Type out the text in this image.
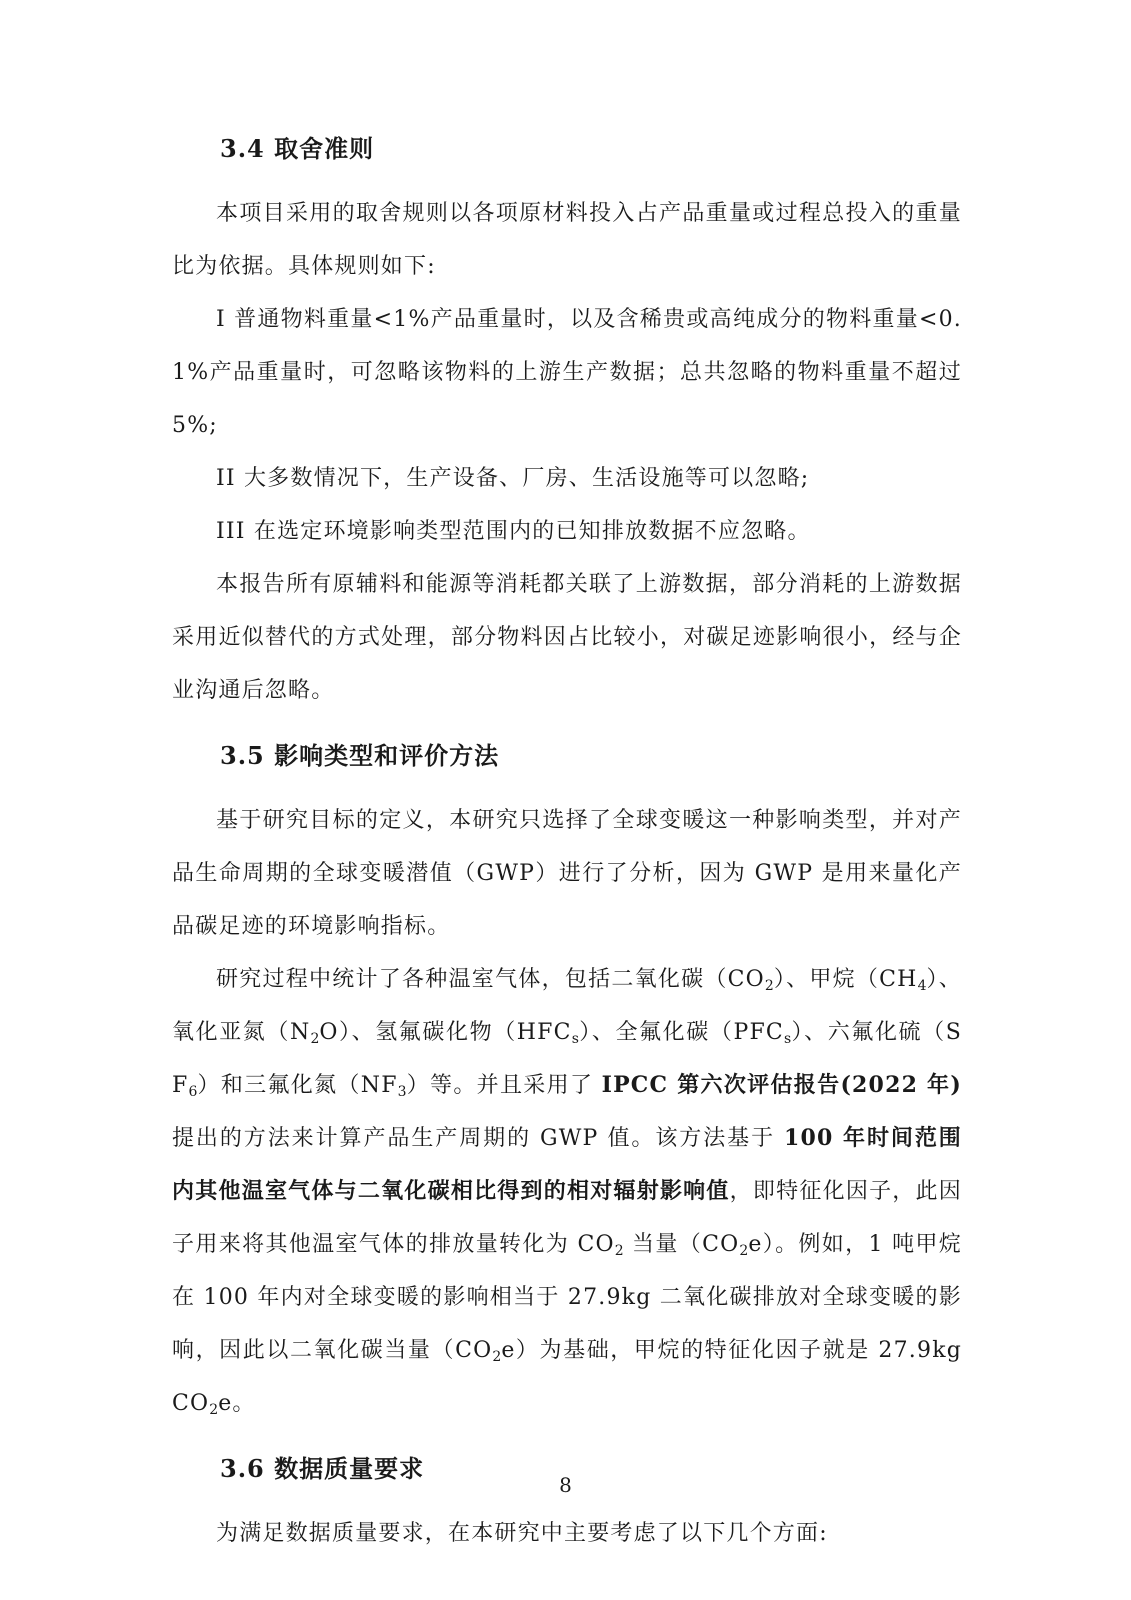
3.4 取舍准则

本项目采用的取舍规则以各项原材料投入占产品重量或过程总投入的重量比为依据。具体规则如下:

I 普通物料重量<1%产品重量时，以及含稀贵或高纯成分的物料重量<0.1%产品重量时，可忽略该物料的上游生产数据；总共忽略的物料重量不超过 5%;

II 大多数情况下，生产设备、厂房、生活设施等可以忽略;

III 在选定环境影响类型范围内的已知排放数据不应忽略。

本报告所有原辅料和能源等消耗都关联了上游数据，部分消耗的上游数据采用近似替代的方式处理，部分物料因占比较小，对碳足迹影响很小，经与企业沟通后忽略。

3.5 影响类型和评价方法

基于研究目标的定义，本研究只选择了全球变暖这一种影响类型，并对产品生命周期的全球变暖潜值（GWP）进行了分析，因为 GWP 是用来量化产品碳足迹的环境影响指标。

研究过程中统计了各种温室气体，包括二氧化碳$(CO_2)$、甲烷$(CH_4)$、氧化亚氮$(N_2O)$、氢氟碳化物$(HFC_s)$、全氟化碳$(PFC_s)$、六氟化硫$(SF_6)$和三氟化氮$(NF_3)$等。并且采用了 IPCC 第六次评估报告(2022 年)提出的方法来计算产品生产周期的 GWP 值。该方法基于 100 年时间范围内其他温室气体与二氧化碳相比得到的相对辐射影响值，即特征化因子，此因子用来将其他温室气体的排放量转化为 $CO_2$ 当量$(CO_2e)$。例如，1 吨甲烷在 100 年内对全球变暖的影响相当于 27.9kg 二氧化碳排放对全球变暖的影响，因此以二氧化碳当量$(CO_2e)$为基础，甲烷的特征化因子就是 27.9kgCO$_2$e。

3.6 数据质量要求

为满足数据质量要求，在本研究中主要考虑了以下几个方面:

8
